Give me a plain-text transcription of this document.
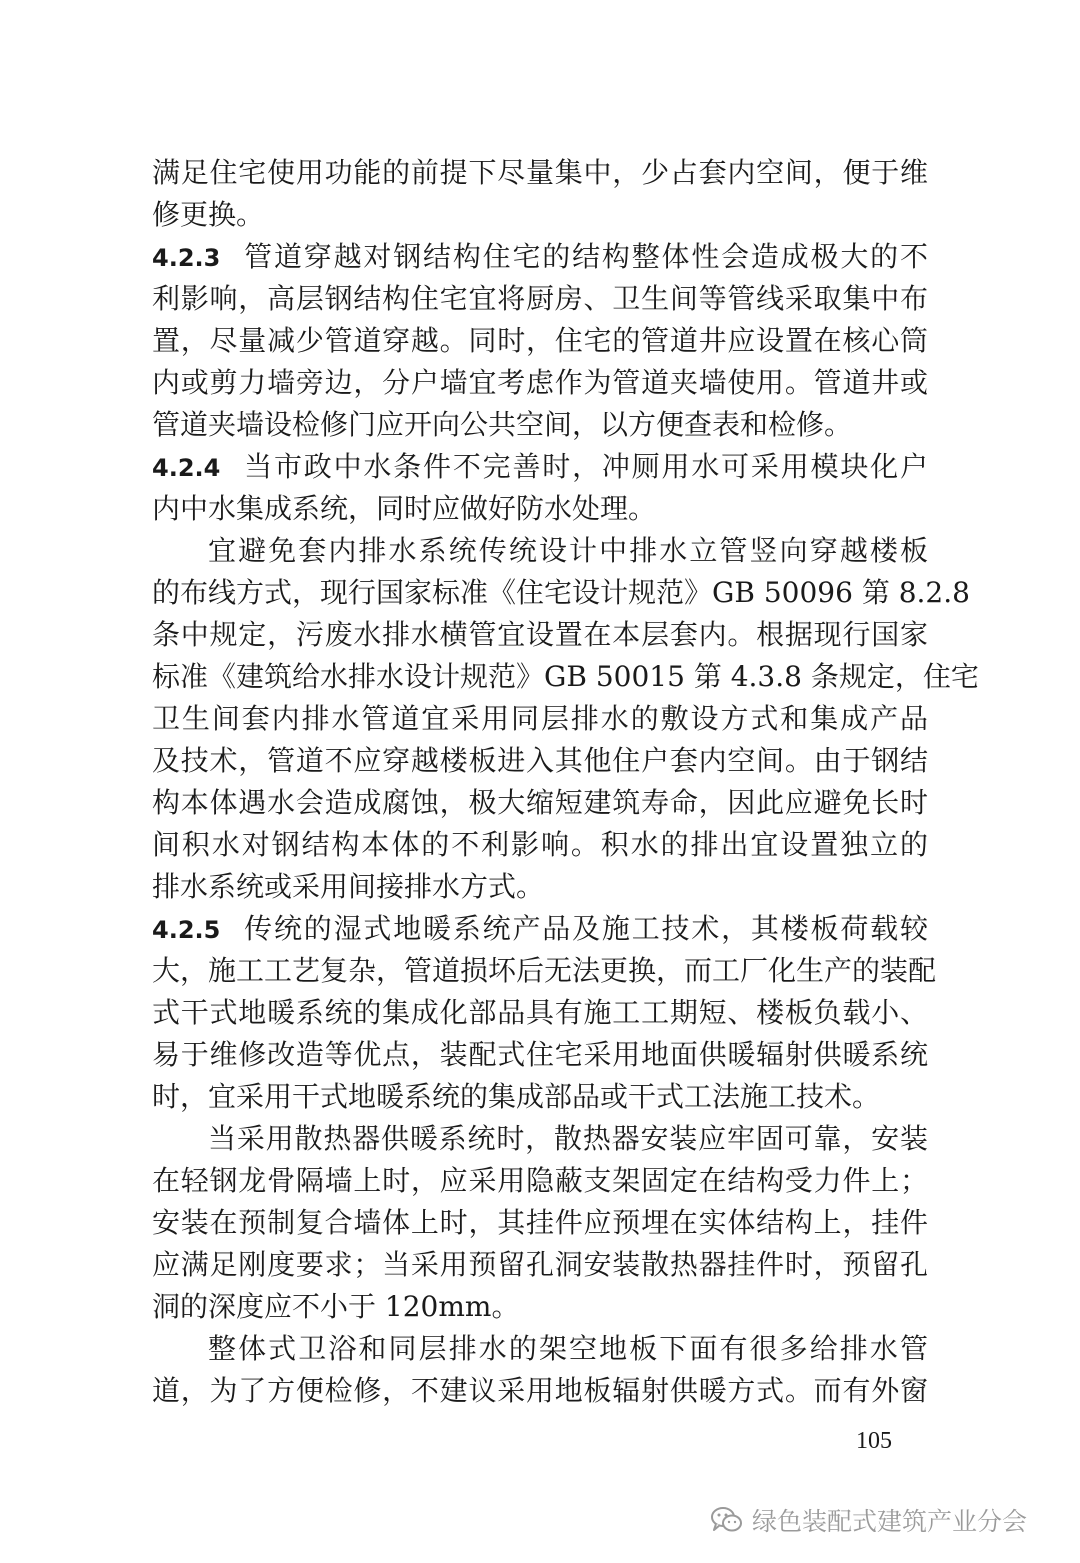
满足住宅使用功能的前提下尽量集中，少占套内空间，便于维
修更换。
4.2.3 管道穿越对钢结构住宅的结构整体性会造成极大的不
利影响，高层钢结构住宅宜将厨房、卫生间等管线采取集中布
置，尽量减少管道穿越。同时，住宅的管道井应设置在核心筒
内或剪力墙旁边，分户墙宜考虑作为管道夹墙使用。管道井或
管道夹墙设检修门应开向公共空间，以方便查表和检修。
4.2.4 当市政中水条件不完善时，冲厕用水可采用模块化户
内中水集成系统，同时应做好防水处理。
宜避免套内排水系统传统设计中排水立管竖向穿越楼板
的布线方式，现行国家标准《住宅设计规范》GB 50096 第 8.2.8
条中规定，污废水排水横管宜设置在本层套内。根据现行国家
标准《建筑给水排水设计规范》GB 50015 第 4.3.8 条规定，住宅
卫生间套内排水管道宜采用同层排水的敷设方式和集成产品
及技术，管道不应穿越楼板进入其他住户套内空间。由于钢结
构本体遇水会造成腐蚀，极大缩短建筑寿命，因此应避免长时
间积水对钢结构本体的不利影响。积水的排出宜设置独立的
排水系统或采用间接排水方式。
4.2.5 传统的湿式地暖系统产品及施工技术，其楼板荷载较
大，施工工艺复杂，管道损坏后无法更换，而工厂化生产的装配
式干式地暖系统的集成化部品具有施工工期短、楼板负载小、
易于维修改造等优点，装配式住宅采用地面供暖辐射供暖系统
时，宜采用干式地暖系统的集成部品或干式工法施工技术。
当采用散热器供暖系统时，散热器安装应牢固可靠，安装
在轻钢龙骨隔墙上时，应采用隐蔽支架固定在结构受力件上；
安装在预制复合墙体上时，其挂件应预埋在实体结构上，挂件
应满足刚度要求；当采用预留孔洞安装散热器挂件时，预留孔
洞的深度应不小于 120mm。
整体式卫浴和同层排水的架空地板下面有很多给排水管
道，为了方便检修，不建议采用地板辐射供暖方式。而有外窗
105
绿色装配式建筑产业分会
